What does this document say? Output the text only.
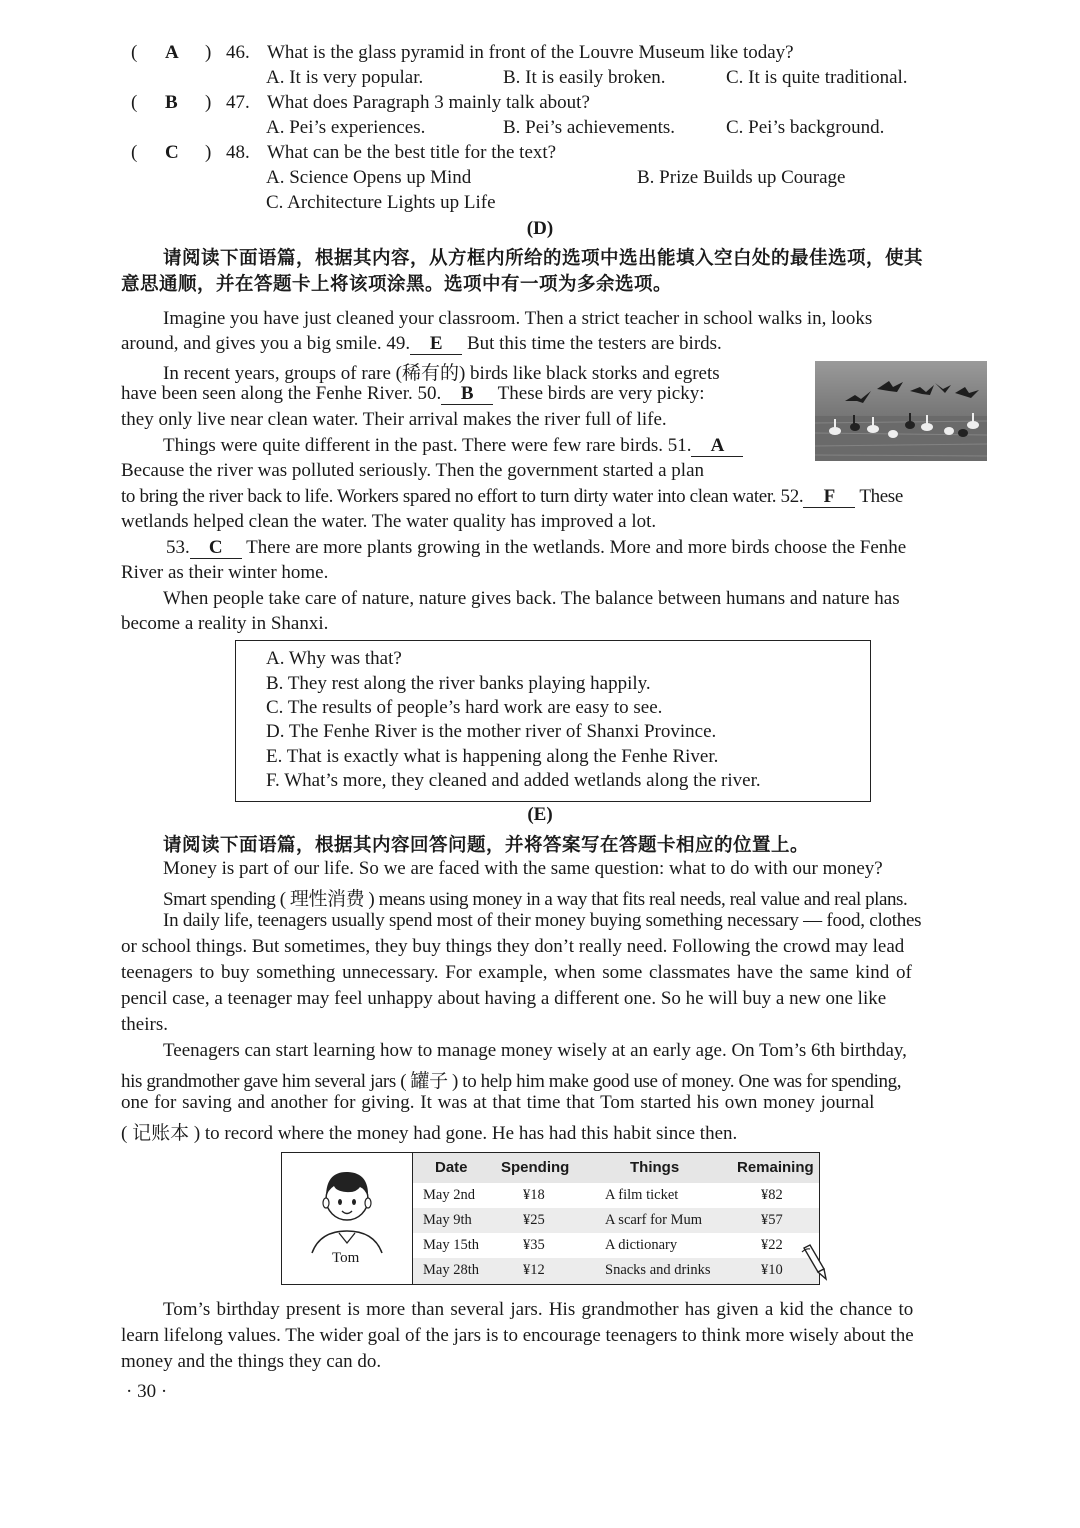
( A ) 46. What is the glass pyramid in front of the Louvre Museum like today?
A. It is very popular.	B. It is easily broken.	C. It is quite traditional.
( B ) 47. What does Paragraph 3 mainly talk about?
A. Pei’s experiences.	B. Pei’s achievements.	C. Pei’s background.
( C ) 48. What can be the best title for the text?
A. Science Opens up Mind	B. Prize Builds up Courage
C. Architecture Lights up Life
(D)
请阅读下面语篇，根据其内容，从方框内所给的选项中选出能填入空白处的最佳选项，使其
意思通顺，并在答题卡上将该项涂黑。选项中有一项为多余选项。
Imagine you have just cleaned your classroom. Then a strict teacher in school walks in, looks
around, and gives you a big smile. 49. E But this time the testers are birds.
In recent years, groups of rare (稀有的) birds like black storks and egrets
have been seen along the Fenhe River. 50. B These birds are very picky:
they only live near clean water. Their arrival makes the river full of life.
Things were quite different in the past. There were few rare birds. 51. A
Because the river was polluted seriously. Then the government started a plan
to bring the river back to life. Workers spared no effort to turn dirty water into clean water. 52. F These
wetlands helped clean the water. The water quality has improved a lot.
53. C There are more plants growing in the wetlands. More and more birds choose the Fenhe
River as their winter home.
When people take care of nature, nature gives back. The balance between humans and nature has
become a reality in Shanxi.
A. Why was that?
B. They rest along the river banks playing happily.
C. The results of people’s hard work are easy to see.
D. The Fenhe River is the mother river of Shanxi Province.
E. That is exactly what is happening along the Fenhe River.
F. What’s more, they cleaned and added wetlands along the river.
(E)
请阅读下面语篇，根据其内容回答问题，并将答案写在答题卡相应的位置上。
Money is part of our life. So we are faced with the same question: what to do with our money?
Smart spending ( 理性消费 ) means using money in a way that fits real needs, real value and real plans.
In daily life, teenagers usually spend most of their money buying something necessary — food, clothes
or school things. But sometimes, they buy things they don’t really need. Following the crowd may lead
teenagers to buy something unnecessary. For example, when some classmates have the same kind of
pencil case, a teenager may feel unhappy about having a different one. So he will buy a new one like
theirs.
Teenagers can start learning how to manage money wisely at an early age. On Tom’s 6th birthday,
his grandmother gave him several jars ( 罐子 ) to help him make good use of money. One was for spending,
one for saving and another for giving. It was at that time that Tom started his own money journal
( 记账本 ) to record where the money had gone. He has had this habit since then.
Tom
Date Spending	Things	Remaining
May 2nd	¥18	A film ticket	¥82
May 9th	¥25	A scarf for Mum	¥57
May 15th	¥35	A dictionary	¥22
May 28th	¥12	Snacks and drinks	¥10
Tom’s birthday present is more than several jars. His grandmother has given a kid the chance to
learn lifelong values. The wider goal of the jars is to encourage teenagers to think more wisely about the
money and the things they can do.
· 30 ·
